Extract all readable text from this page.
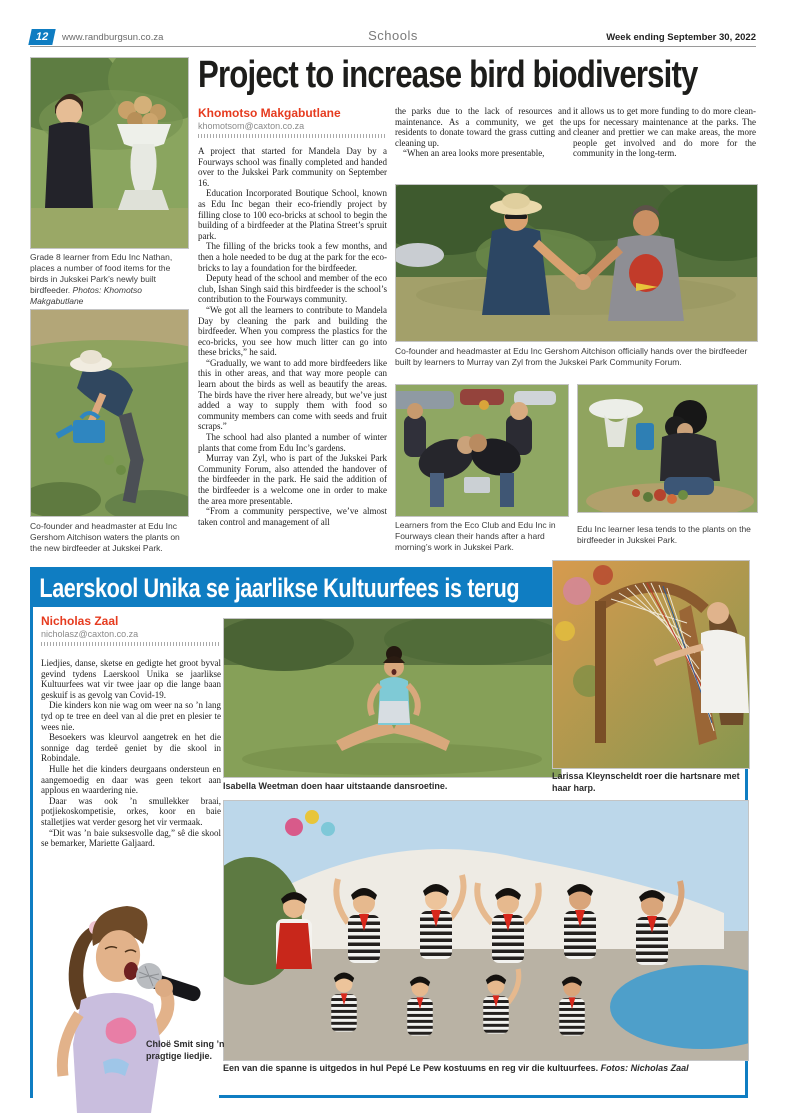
12	www.randburgsun.co.za	Schools	Week ending September 30, 2022
Project to increase bird biodiversity
Khomotso Makgabutlane
khomotsom@caxton.co.za
Grade 8 learner from Edu Inc Nathan, places a number of food items for the birds in Jukskei Park’s newly built birdfeeder. Photos: Khomotso Makgabutlane
Co-founder and headmaster at Edu Inc Gershom Aitchison waters the plants on the new birdfeeder at Jukskei Park.

A project that started for Mandela Day by a Fourways school was finally completed and handed over to the Jukskei Park community on September 16.

Education Incorporated Boutique School, known as Edu Inc began their eco-friendly project by filling close to 100 eco-bricks at school to begin the building of a birdfeeder at the Platina Street’s spruit park.

The filling of the bricks took a few months, and then a hole needed to be dug at the park for the eco-bricks to lay a foundation for the birdfeeder.

Deputy head of the school and member of the eco club, Ishan Singh said this birdfeeder is the school’s contribution to the Fourways community.

“We got all the learners to contribute to Mandela Day by cleaning the park and building the birdfeeder. When you compress the plastics for the eco-bricks, you see how much litter can go into these bricks,” he said.

“Gradually, we want to add more birdfeeders like this in other areas, and that way more people can learn about the birds as well as beautify the areas. The birds have the river here already, but we’ve just added a way to supply them with food so community members can come with seeds and fruit scraps.”

The school had also planted a number of winter plants that come from Edu Inc’s gardens.

Murray van Zyl, who is part of the Jukskei Park Community Forum, also attended the handover of the birdfeeder in the park. He said the addition of the birdfeeder is a welcome one in order to make the area more presentable.

“From a community perspective, we’ve almost taken control and management of all

the parks due to the lack of resources and maintenance. As a community, we get the residents to donate toward the grass cutting and cleaning up.

“When an area looks more presentable,

it allows us to get more funding to do more clean-ups for necessary maintenance at the parks. The cleaner and prettier we can make areas, the more people get involved and do more for the community in the long-term.

Co-founder and headmaster at Edu Inc Gershom Aitchison officially hands over the birdfeeder built by learners to Murray van Zyl from the Jukskei Park Community Forum.
Learners from the Eco Club and Edu Inc in Fourways clean their hands after a hard morning’s work in Jukskei Park.
Edu Inc learner Iesa tends to the plants on the birdfeeder in Jukskei Park.
Laerskool Unika se jaarlikse Kultuurfees is terug
Nicholas Zaal
nicholasz@caxton.co.za

Liedjies, danse, sketse en gedigte het groot byval gevind tydens Laerskool Unika se jaarlikse Kultuurfees wat vir twee jaar op die lange baan geskuif is as gevolg van Covid-19.

Die kinders kon nie wag om weer na so ’n lang tyd op te tree en deel van al die pret en plesier te wees nie.

Besoekers was kleurvol aangetrek en het die sonnige dag terdeë geniet by die skool in Robindale.

Hulle het die kinders deurgaans ondersteun en aangemoedig en daar was geen tekort aan applous en waardering nie.

Daar was ook ’n smullekker braai, potjiekoskompetisie, orkes, koor en baie stalletjies wat verder gesorg het vir vermaak.

“Dit was ’n baie suksesvolle dag,” sê die skool se bemarker, Mariette Galjaard.

Isabella Weetman doen haar uitstaande dansroetine.
Larissa Kleynscheldt roer die hartsnare met haar harp.
Een van die spanne is uitgedos in hul Pepé Le Pew kostuums en reg vir die kultuurfees. Fotos: Nicholas Zaal
Chloë Smit sing ’n pragtige liedjie.
